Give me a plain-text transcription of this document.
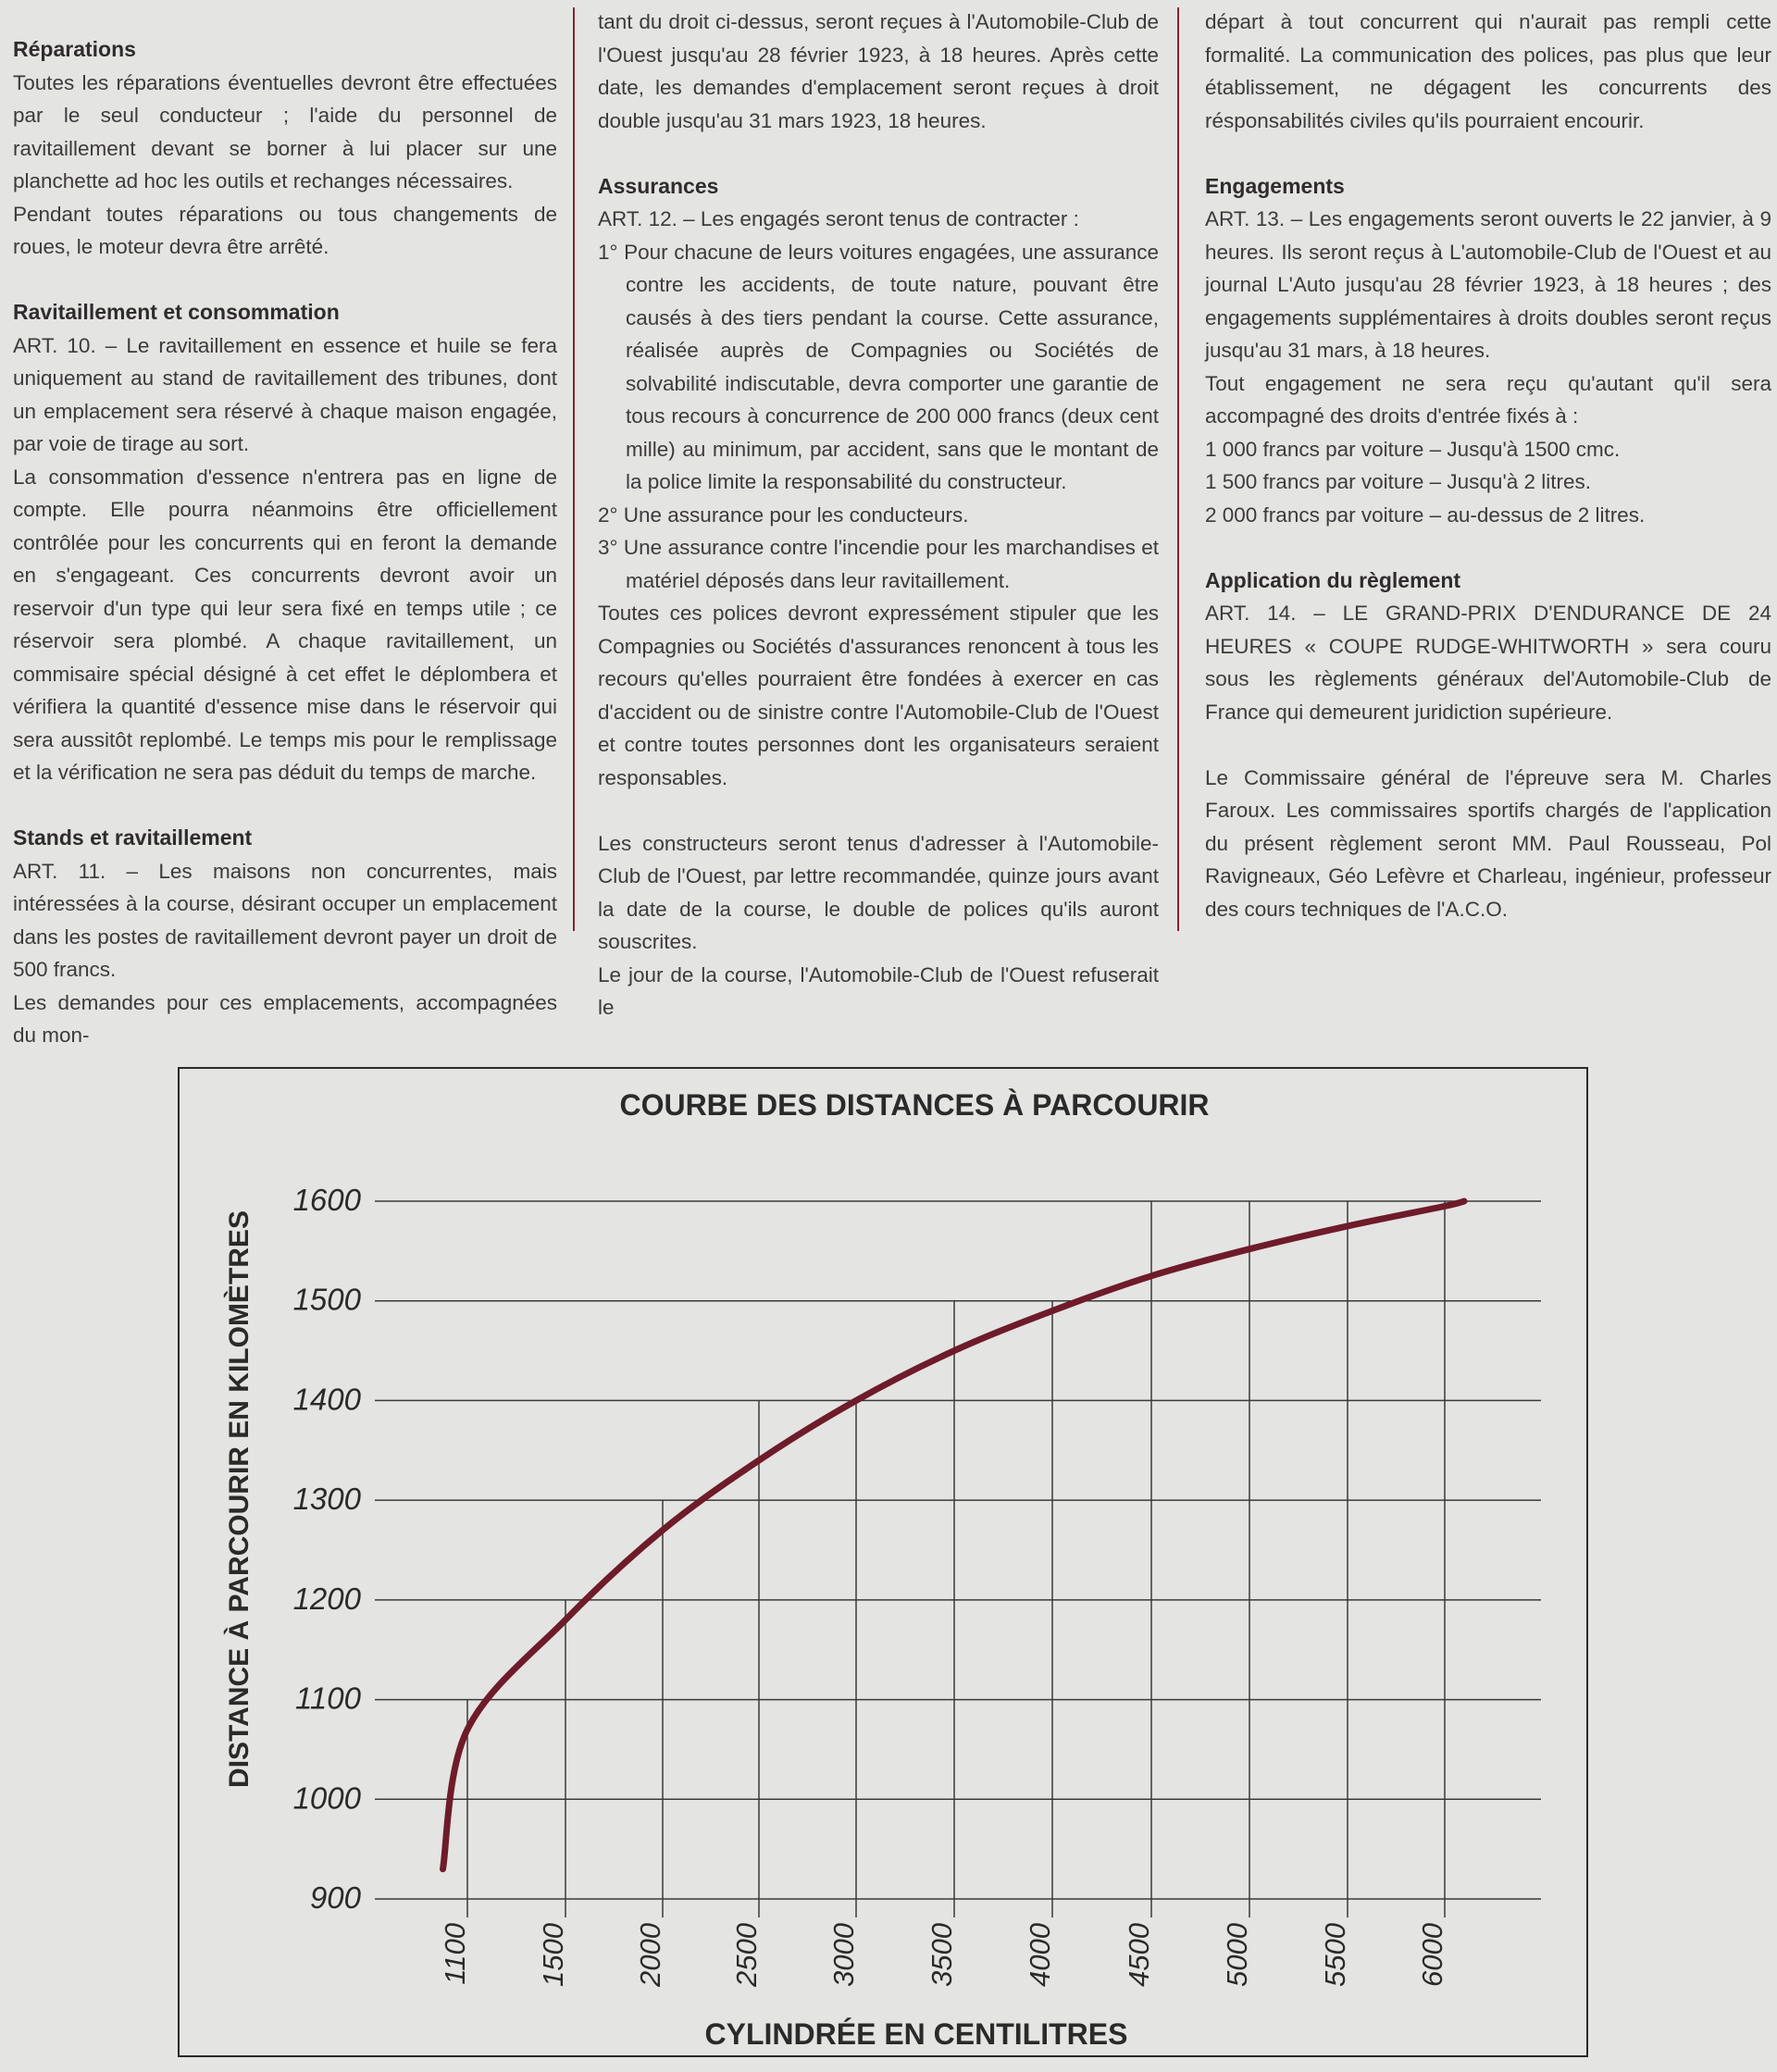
Réparations

Toutes les réparations éventuelles devront être effectuées par le seul conducteur ; l'aide du personnel de ravitaillement devant se borner à lui placer sur une planchette ad hoc les outils et rechanges nécessaires.

Pendant toutes réparations ou tous changements de roues, le moteur devra être arrêté.

Ravitaillement et consommation

ART. 10. – Le ravitaillement en essence et huile se fera uniquement au stand de ravitaillement des tribunes, dont un emplacement sera réservé à chaque maison engagée, par voie de tirage au sort.

La consommation d'essence n'entrera pas en ligne de compte. Elle pourra néanmoins être officiellement contrôlée pour les concurrents qui en feront la demande en s'engageant. Ces concurrents devront avoir un reservoir d'un type qui leur sera fixé en temps utile ; ce réservoir sera plombé. A chaque ravitaillement, un commisaire spécial désigné à cet effet le déplombera et vérifiera la quantité d'essence mise dans le réservoir qui sera aussitôt replombé. Le temps mis pour le remplissage et la vérification ne sera pas déduit du temps de marche.

Stands et ravitaillement

ART. 11. – Les maisons non concurrentes, mais intéressées à la course, désirant occuper un emplacement dans les postes de ravitaillement devront payer un droit de 500 francs.

Les demandes pour ces emplacements, accompagnées du mon-

tant du droit ci-dessus, seront reçues à l'Automobile-Club de l'Ouest jusqu'au 28 février 1923, à 18 heures. Après cette date, les demandes d'emplacement seront reçues à droit double jusqu'au 31 mars 1923, 18 heures.

Assurances

ART. 12. – Les engagés seront tenus de contracter :

1° Pour chacune de leurs voitures engagées, une assurance contre les accidents, de toute nature, pouvant être causés à des tiers pendant la course. Cette assurance, réalisée auprès de Compagnies ou Sociétés de solvabilité indiscutable, devra comporter une garantie de tous recours à concurrence de 200 000 francs (deux cent mille) au minimum, par accident, sans que le montant de la police limite la responsabilité du constructeur.

2° Une assurance pour les conducteurs.

3° Une assurance contre l'incendie pour les marchandises et matériel déposés dans leur ravitaillement.

Toutes ces polices devront expressément stipuler que les Compagnies ou Sociétés d'assurances renoncent à tous les recours qu'elles pourraient être fondées à exercer en cas d'accident ou de sinistre contre l'Automobile-Club de l'Ouest et contre toutes personnes dont les organisateurs seraient responsables.

Les constructeurs seront tenus d'adresser à l'Automobile-Club de l'Ouest, par lettre recommandée, quinze jours avant la date de la course, le double de polices qu'ils auront souscrites.

Le jour de la course, l'Automobile-Club de l'Ouest refuserait le

départ à tout concurrent qui n'aurait pas rempli cette formalité. La communication des polices, pas plus que leur établissement, ne dégagent les concurrents des résponsabilités civiles qu'ils pourraient encourir.

Engagements

ART. 13. – Les engagements seront ouverts le 22 janvier, à 9 heures. Ils seront reçus à L'automobile-Club de l'Ouest et au journal L'Auto jusqu'au 28 février 1923, à 18 heures ; des engagements supplémentaires à droits doubles seront reçus jusqu'au 31 mars, à 18 heures.

Tout engagement ne sera reçu qu'autant qu'il sera accompagné des droits d'entrée fixés à :

1 000 francs par voiture – Jusqu'à 1500 cmc.

1 500 francs par voiture – Jusqu'à 2 litres.

2 000 francs par voiture – au-dessus de 2 litres.

Application du règlement

ART. 14. – LE GRAND-PRIX D'ENDURANCE DE 24 HEURES « COUPE RUDGE-WHITWORTH » sera couru sous les règlements généraux del'Automobile-Club de France qui demeurent juridiction supérieure.

Le Commissaire général de l'épreuve sera M. Charles Faroux. Les commissaires sportifs chargés de l'application du présent règlement seront MM. Paul Rousseau, Pol Ravigneaux, Géo Lefèvre et Charleau, ingénieur, professeur des cours techniques de l'A.C.O.

COURBE DES DISTANCES À PARCOURIR
900
1000
1100
1200
1300
1400
1500
1600
1100 1500 2000 2500 3000 3500 4000 4500 5000 5500 6000
DISTANCE À PARCOURIR EN KILOMÈTRES
CYLINDRÉE EN CENTILITRES
